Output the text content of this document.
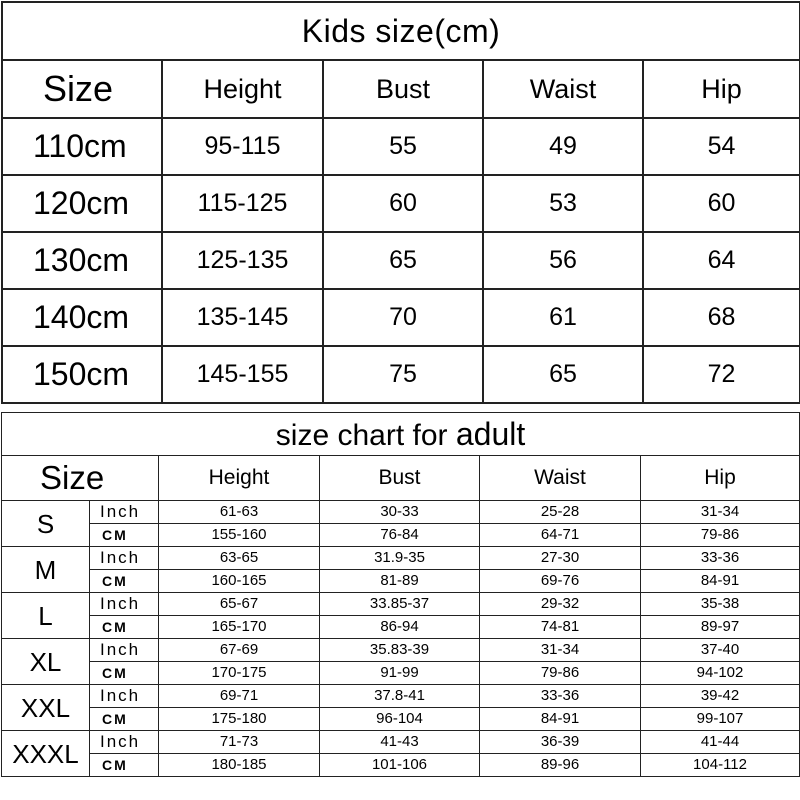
Kids size(cm)				
Size	Height	Bust	Waist	Hip
110cm	95-115	55	49	54
120cm	115-125	60	53	60
130cm	125-135	65	56	64
140cm	135-145	70	61	68
150cm	145-155	75	65	72
size chart for adult					
Size		Height	Bust	Waist	Hip
S	Inch	61-63	30-33	25-28	31-34
	CM	155-160	76-84	64-71	79-86
M	Inch	63-65	31.9-35	27-30	33-36
	CM	160-165	81-89	69-76	84-91
L	Inch	65-67	33.85-37	29-32	35-38
	CM	165-170	86-94	74-81	89-97
XL	Inch	67-69	35.83-39	31-34	37-40
	CM	170-175	91-99	79-86	94-102
XXL	Inch	69-71	37.8-41	33-36	39-42
	CM	175-180	96-104	84-91	99-107
XXXL	Inch	71-73	41-43	36-39	41-44
	CM	180-185	101-106	89-96	104-112
